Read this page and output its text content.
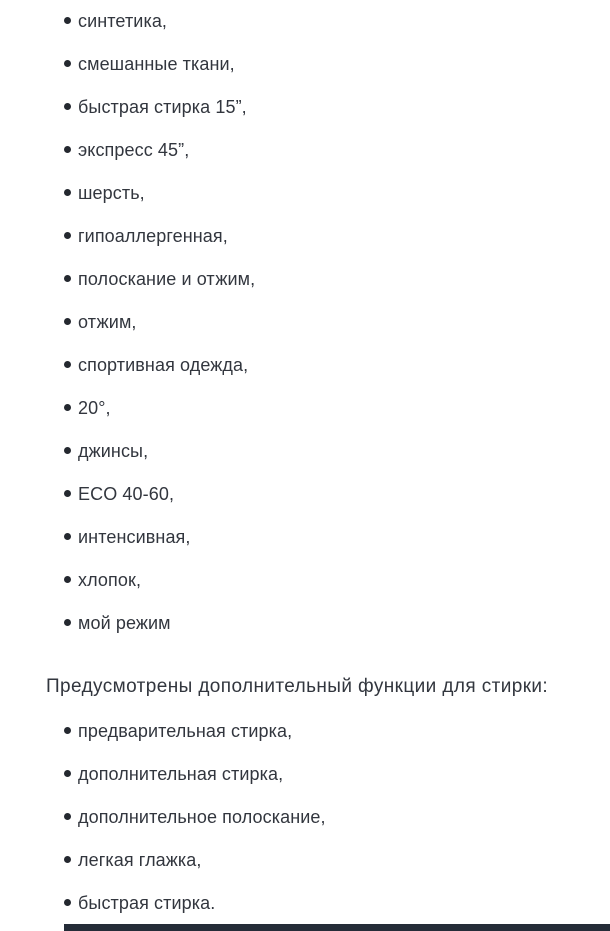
синтетика,
смешанные ткани,
быстрая стирка 15”,
экспресс 45”,
шерсть,
гипоаллергенная,
полоскание и отжим,
отжим,
спортивная одежда,
20°,
джинсы,
ECO 40-60,
интенсивная,
хлопок,
мой режим

Предусмотрены дополнительный функции для стирки:

предварительная стирка,
дополнительная стирка,
дополнительное полоскание,
легкая глажка,
быстрая стирка.
